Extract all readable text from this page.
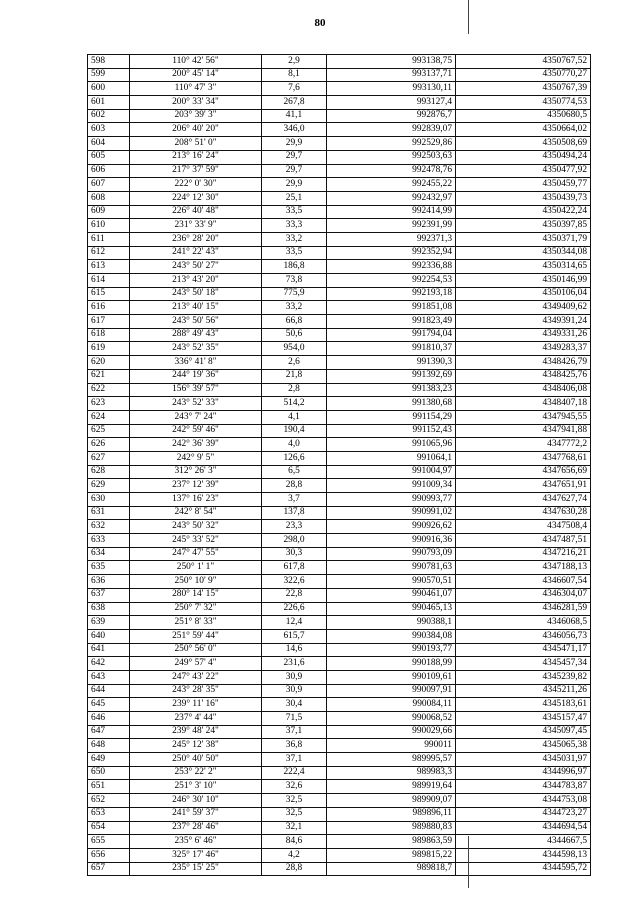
80
598	110° 42' 56"	2,9	993138,75	4350767,52
599	200° 45' 14"	8,1	993137,71	4350770,27
600	110° 47' 3"	7,6	993130,11	4350767,39
601	200° 33' 34"	267,8	993127,4	4350774,53
602	203° 39' 3"	41,1	992876,7	4350680,5
603	206° 40' 20"	346,0	992839,07	4350664,02
604	208° 51' 0"	29,9	992529,86	4350508,69
605	213° 16' 24"	29,7	992503,63	4350494,24
606	217° 37' 59"	29,7	992478,76	4350477,92
607	222° 0' 30"	29,9	992455,22	4350459,77
608	224° 12' 30"	25,1	992432,97	4350439,73
609	226° 40' 48"	33,5	992414,99	4350422,24
610	231° 33' 9"	33,3	992391,99	4350397,85
611	236° 28' 20"	33,2	992371,3	4350371,79
612	241° 22' 43"	33,5	992352,94	4350344,08
613	243° 50' 27"	186,8	992336,88	4350314,65
614	213° 43' 20"	73,8	992254,53	4350146,99
615	243° 50' 18"	775,9	992193,18	4350106,04
616	213° 40' 15"	33,2	991851,08	4349409,62
617	243° 50' 56"	66,8	991823,49	4349391,24
618	288° 49' 43"	50,6	991794,04	4349331,26
619	243° 52' 35"	954,0	991810,37	4349283,37
620	336° 41' 8"	2,6	991390,3	4348426,79
621	244° 19' 36"	21,8	991392,69	4348425,76
622	156° 39' 57"	2,8	991383,23	4348406,08
623	243° 52' 33"	514,2	991380,68	4348407,18
624	243° 7' 24"	4,1	991154,29	4347945,55
625	242° 59' 46"	190,4	991152,43	4347941,88
626	242° 36' 39"	4,0	991065,96	4347772,2
627	242° 9' 5"	126,6	991064,1	4347768,61
628	312° 26' 3"	6,5	991004,97	4347656,69
629	237° 12' 39"	28,8	991009,34	4347651,91
630	137° 16' 23"	3,7	990993,77	4347627,74
631	242° 8' 54"	137,8	990991,02	4347630,28
632	243° 50' 32"	23,3	990926,62	4347508,4
633	245° 33' 52"	298,0	990916,36	4347487,51
634	247° 47' 55"	30,3	990793,09	4347216,21
635	250° 1' 1"	617,8	990781,63	4347188,13
636	250° 10' 9"	322,6	990570,51	4346607,54
637	280° 14' 15"	22,8	990461,07	4346304,07
638	250° 7' 32"	226,6	990465,13	4346281,59
639	251° 8' 33"	12,4	990388,1	4346068,5
640	251° 59' 44"	615,7	990384,08	4346056,73
641	250° 56' 0"	14,6	990193,77	4345471,17
642	249° 57' 4"	231,6	990188,99	4345457,34
643	247° 43' 22"	30,9	990109,61	4345239,82
644	243° 28' 35"	30,9	990097,91	4345211,26
645	239° 11' 16"	30,4	990084,11	4345183,61
646	237° 4' 44"	71,5	990068,52	4345157,47
647	239° 48' 24"	37,1	990029,66	4345097,45
648	245° 12' 38"	36,8	990011	4345065,38
649	250° 40' 50"	37,1	989995,57	4345031,97
650	253° 22' 2"	222,4	989983,3	4344996,97
651	251° 3' 10"	32,6	989919,64	4344783,87
652	246° 30' 10"	32,5	989909,07	4344753,08
653	241° 59' 37"	32,5	989896,11	4344723,27
654	237° 28' 46"	32,1	989880,83	4344694,54
655	235° 6' 46"	84,6	989863,59	4344667,5
656	325° 17' 46"	4,2	989815,22	4344598,13
657	235° 15' 25"	28,8	989818,7	4344595,72
